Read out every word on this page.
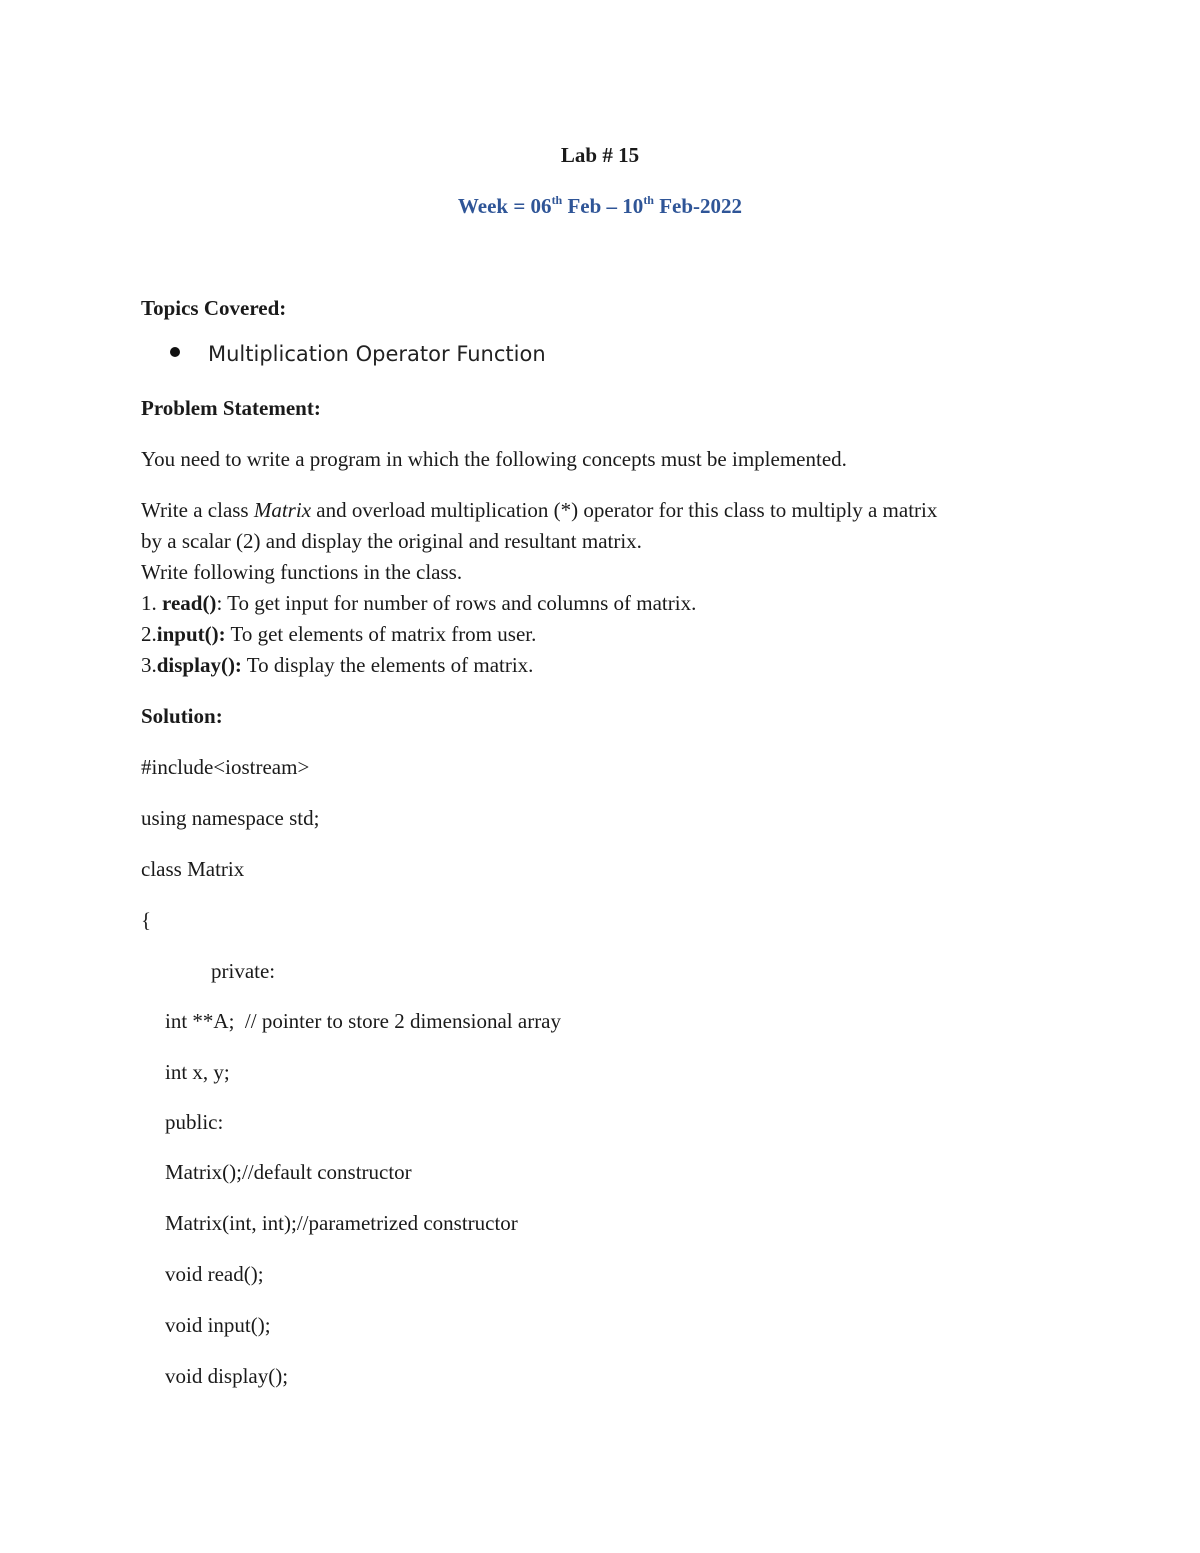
Lab # 15
Week = 06th Feb – 10th Feb-2022
Topics Covered:
Multiplication Operator Function
Problem Statement:
You need to write a program in which the following concepts must be implemented.
Write a class Matrix and overload multiplication (*) operator for this class to multiply a matrix
by a scalar (2) and display the original and resultant matrix.
Write following functions in the class.
1. read(): To get input for number of rows and columns of matrix.
2.input(): To get elements of matrix from user.
3.display(): To display the elements of matrix.
Solution:
#include<iostream>
using namespace std;
class Matrix
{
private:
int **A;  // pointer to store 2 dimensional array
int x, y;
public:
Matrix();//default constructor
Matrix(int, int);//parametrized constructor
void read();
void input();
void display();
